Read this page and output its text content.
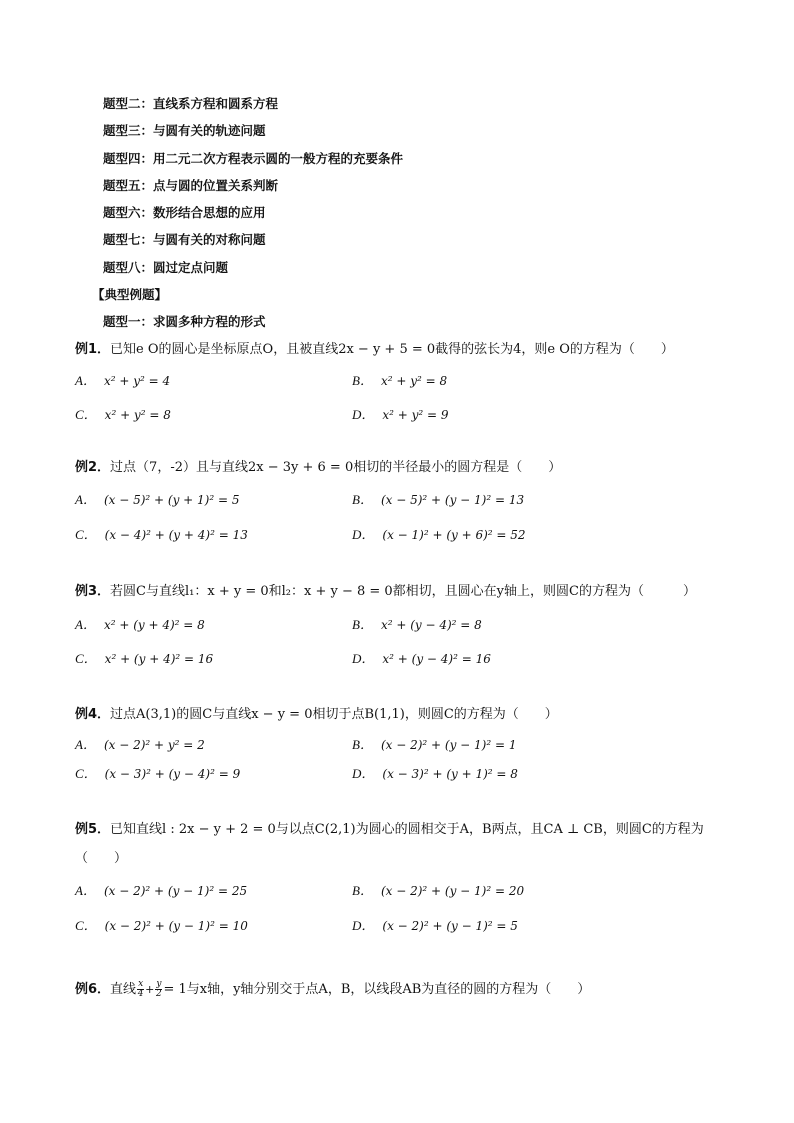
题型二：直线系方程和圆系方程
题型三：与圆有关的轨迹问题
题型四：用二元二次方程表示圆的一般方程的充要条件
题型五：点与圆的位置关系判断
题型六：数形结合思想的应用
题型七：与圆有关的对称问题
题型八：圆过定点问题
【典型例题】
题型一：求圆多种方程的形式
例1．已知e O的圆心是坐标原点O，且被直线2x − y + 5 = 0截得的弦长为4，则e O的方程为（　　）
A． x² + y² = 4	B． x² + y² = 8
C． x² + y² = 8	D． x² + y² = 9
例2．过点（7，-2）且与直线2x − 3y + 6 = 0相切的半径最小的圆方程是（　　）
A． (x − 5)² + (y + 1)² = 5	B． (x − 5)² + (y − 1)² = 13
C． (x − 4)² + (y + 4)² = 13	D． (x − 1)² + (y + 6)² = 52
例3．若圆C与直线l₁：x + y = 0和l₂：x + y − 8 = 0都相切，且圆心在y轴上，则圆C的方程为（　　　）
A． x² + (y + 4)² = 8	B． x² + (y − 4)² = 8
C． x² + (y + 4)² = 16	D． x² + (y − 4)² = 16
例4．过点A(3,1)的圆C与直线x − y = 0相切于点B(1,1)，则圆C的方程为（　　）
A． (x − 2)² + y² = 2	B． (x − 2)² + (y − 1)² = 1
C． (x − 3)² + (y − 4)² = 9	D． (x − 3)² + (y + 1)² = 8
例5．已知直线l : 2x − y + 2 = 0与以点C(2,1)为圆心的圆相交于A，B两点，且CA ⊥ CB，则圆C的方程为
（　　）
A． (x − 2)² + (y − 1)² = 25	B． (x − 2)² + (y − 1)² = 20
C． (x − 2)² + (y − 1)² = 10	D． (x − 2)² + (y − 1)² = 5
例6． 直线 $\frac{x}{4} + \frac{y}{2} = 1$与x轴，y轴分别交于点A，B，以线段AB为直径的圆的方程为（　　）
